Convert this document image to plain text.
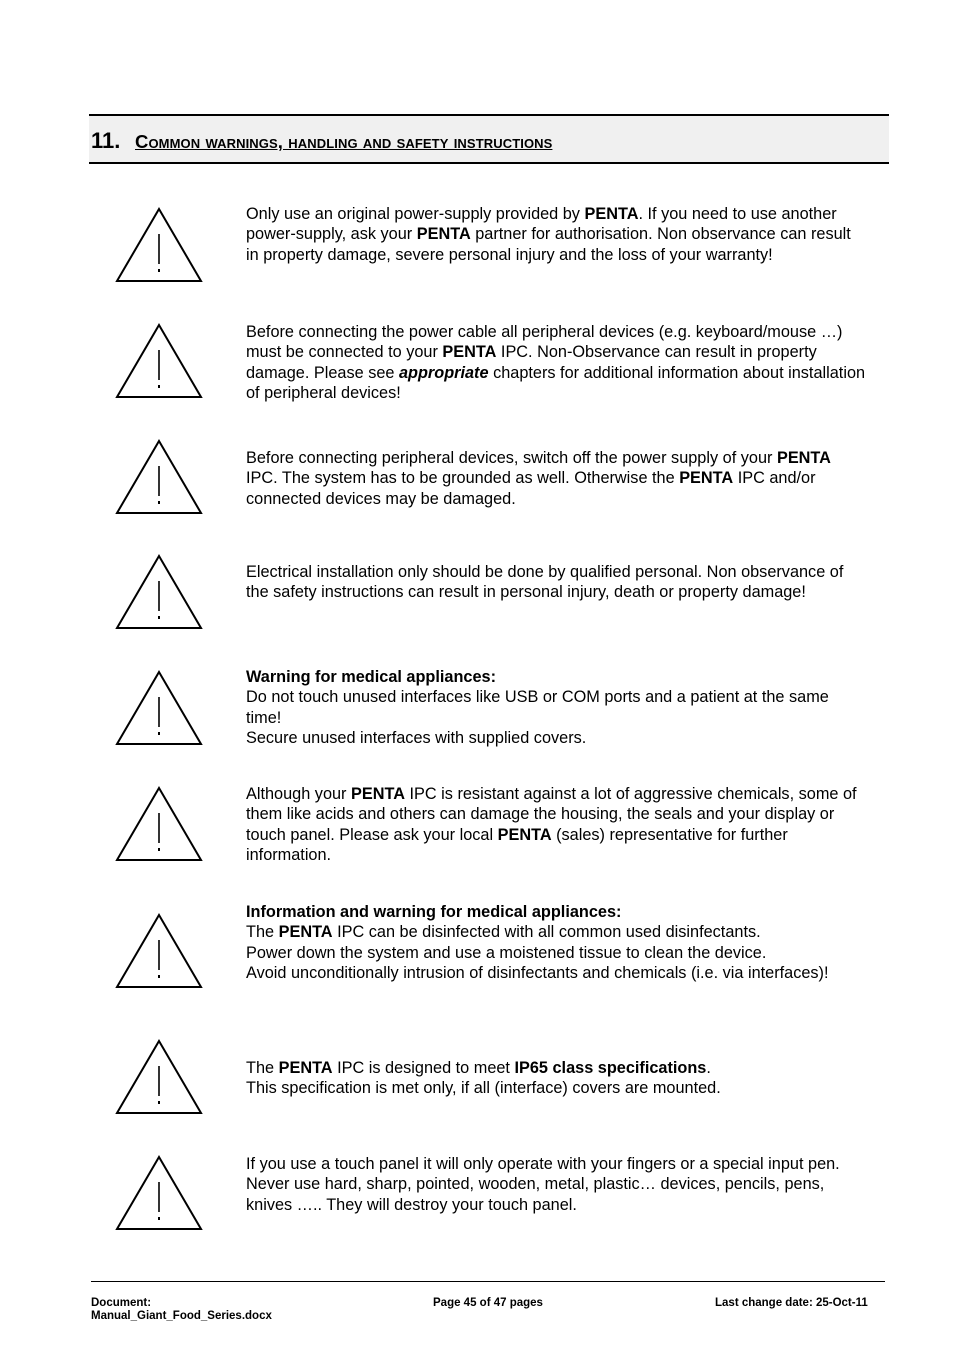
11. Common warnings, handling and safety instructions

Only use an original power-supply provided by PENTA. If you need to use another power-supply, ask your PENTA partner for authorisation. Non observance can result in property damage, severe personal injury and the loss of your warranty!

Before connecting the power cable all peripheral devices (e.g. keyboard/mouse …) must be connected to your PENTA IPC. Non-Observance can result in property damage. Please see appropriate chapters for additional information about installation of peripheral devices!

Before connecting peripheral devices, switch off the power supply of your PENTA IPC. The system has to be grounded as well. Otherwise the PENTA IPC and/or connected devices may be damaged.

Electrical installation only should be done by qualified personal. Non observance of the safety instructions can result in personal injury, death or property damage!

Warning for medical appliances:

Do not touch unused interfaces like USB or COM ports and a patient at the same time!

Secure unused interfaces with supplied covers.

Although your PENTA IPC is resistant against a lot of aggressive chemicals, some of them like acids and others can damage the housing, the seals and your display or touch panel. Please ask your local PENTA (sales) representative for further information.

Information and warning for medical appliances:

The PENTA IPC can be disinfected with all common used disinfectants.

Power down the system and use a moistened tissue to clean the device.

Avoid unconditionally intrusion of disinfectants and chemicals (i.e. via interfaces)!

The PENTA IPC is designed to meet IP65 class specifications.

This specification is met only, if all (interface) covers are mounted.

If you use a touch panel it will only operate with your fingers or a special input pen.

Never use hard, sharp, pointed, wooden, metal, plastic… devices, pencils, pens, knives ….. They will destroy your touch panel.

Document:
Manual_Giant_Food_Series.docx
Page 45 of 47 pages	Last change date: 25-Oct-11
